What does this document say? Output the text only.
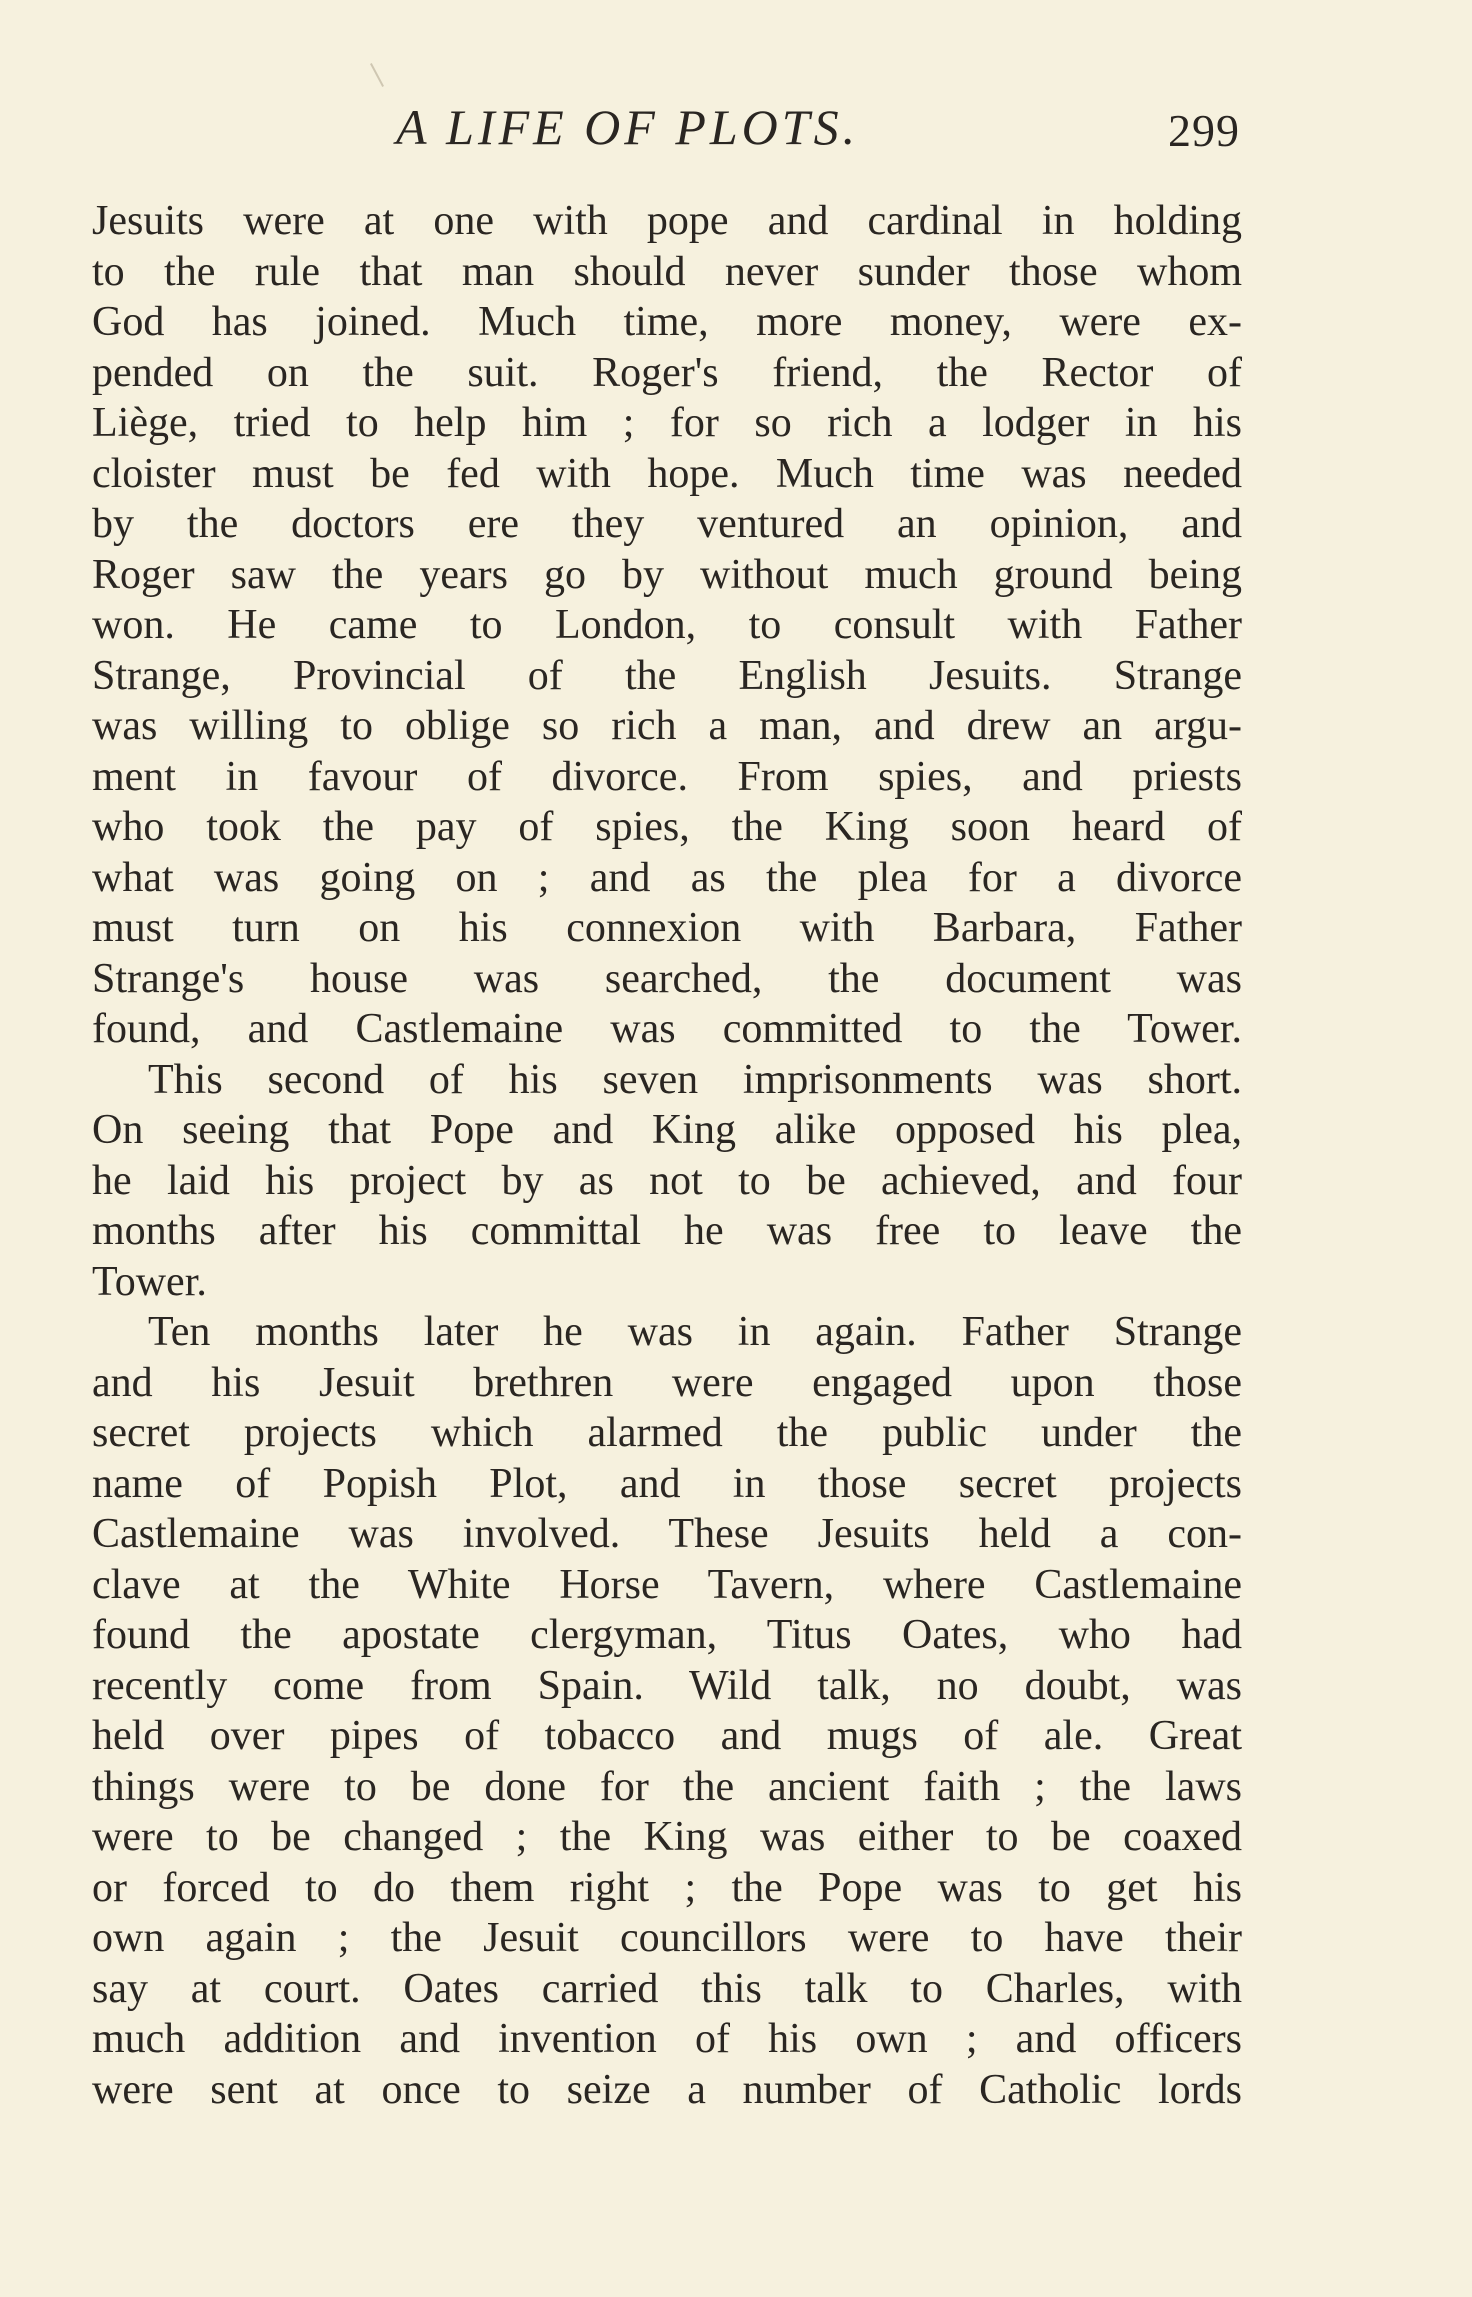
A LIFE OF PLOTS.	299
Jesuits were at one with pope and cardinal in holding
to the rule that man should never sunder those whom
God has joined. Much time, more money, were ex-
pended on the suit. Roger's friend, the Rector of
Liège, tried to help him ; for so rich a lodger in his
cloister must be fed with hope. Much time was needed
by the doctors ere they ventured an opinion, and
Roger saw the years go by without much ground being
won. He came to London, to consult with Father
Strange, Provincial of the English Jesuits. Strange
was willing to oblige so rich a man, and drew an argu-
ment in favour of divorce. From spies, and priests
who took the pay of spies, the King soon heard of
what was going on ; and as the plea for a divorce
must turn on his connexion with Barbara, Father
Strange's house was searched, the document was
found, and Castlemaine was committed to the Tower.
This second of his seven imprisonments was short.
On seeing that Pope and King alike opposed his plea,
he laid his project by as not to be achieved, and four
months after his committal he was free to leave the
Tower.
Ten months later he was in again. Father Strange
and his Jesuit brethren were engaged upon those
secret projects which alarmed the public under the
name of Popish Plot, and in those secret projects
Castlemaine was involved. These Jesuits held a con-
clave at the White Horse Tavern, where Castlemaine
found the apostate clergyman, Titus Oates, who had
recently come from Spain. Wild talk, no doubt, was
held over pipes of tobacco and mugs of ale. Great
things were to be done for the ancient faith ; the laws
were to be changed ; the King was either to be coaxed
or forced to do them right ; the Pope was to get his
own again ; the Jesuit councillors were to have their
say at court. Oates carried this talk to Charles, with
much addition and invention of his own ; and officers
were sent at once to seize a number of Catholic lords
